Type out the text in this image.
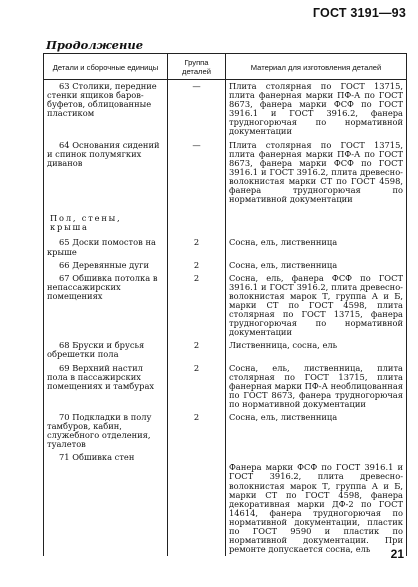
ГОСТ 3191—93
Продолжение
Детали и сборочные единицы	Группа деталей	Материал для изготовления деталей

63 Столики, передние стенки ящиков баров-буфетов, облицованные пластиком	—	Плита столярная по ГОСТ 13715, плита фанерная марки ПФ-А по ГОСТ 8673, фанера марки ФСФ по ГОСТ 3916.1 и ГОСТ 3916.2, фанера трудногорючая по нормативной документации

64 Основания сидений и спинок полумягких диванов	—	Плита столярная по ГОСТ 13715, плита фанерная марки ПФ-А по ГОСТ 8673, фанера марки ФСФ по ГОСТ 3916.1 и ГОСТ 3916.2, плита древесно-волокнистая марки СТ по ГОСТ 4598, фанера трудногорючая по нормативной документации
Пол, стены, крыша		

65 Доски помостов на крыше	2	Сосна, ель, лиственница

66 Деревянные дуги	2	Сосна, ель, лиственница

67 Обшивка потолка в непассажирских помещениях	2	Сосна, ель, фанера ФСФ по ГОСТ 3916.1 и ГОСТ 3916.2, плита древесно-волокнистая марок Т, группа А и Б, марки СТ по ГОСТ 4598, плита столярная по ГОСТ 13715, фанера трудногорючая по нормативной документации

68 Бруски и брусья обрешетки пола	2	Лиственница, сосна, ель

69 Верхний настил пола в пассажирских помещениях и тамбурах	2	Сосна, ель, лиственница, плита столярная по ГОСТ 13715, плита фанерная марки ПФ-А необлицованная по ГОСТ 8673, фанера трудногорючая по нормативной документации

70 Подкладки в полу тамбуров, кабин, служебного отделения, туалетов	2	Сосна, ель, лиственница

71 Обшивка стен		Фанера марки ФСФ по ГОСТ 3916.1 и ГОСТ 3916.2, плита древесно-волокнистая марок Т, группа А и Б, марки СТ по ГОСТ 4598, фанера декоративная марки ДФ-2 по ГОСТ 14614, фанера трудногорючая по нормативной документации, пластик по ГОСТ 9590 и пластик по нормативной документации. При ремонте допускается сосна, ель 21
